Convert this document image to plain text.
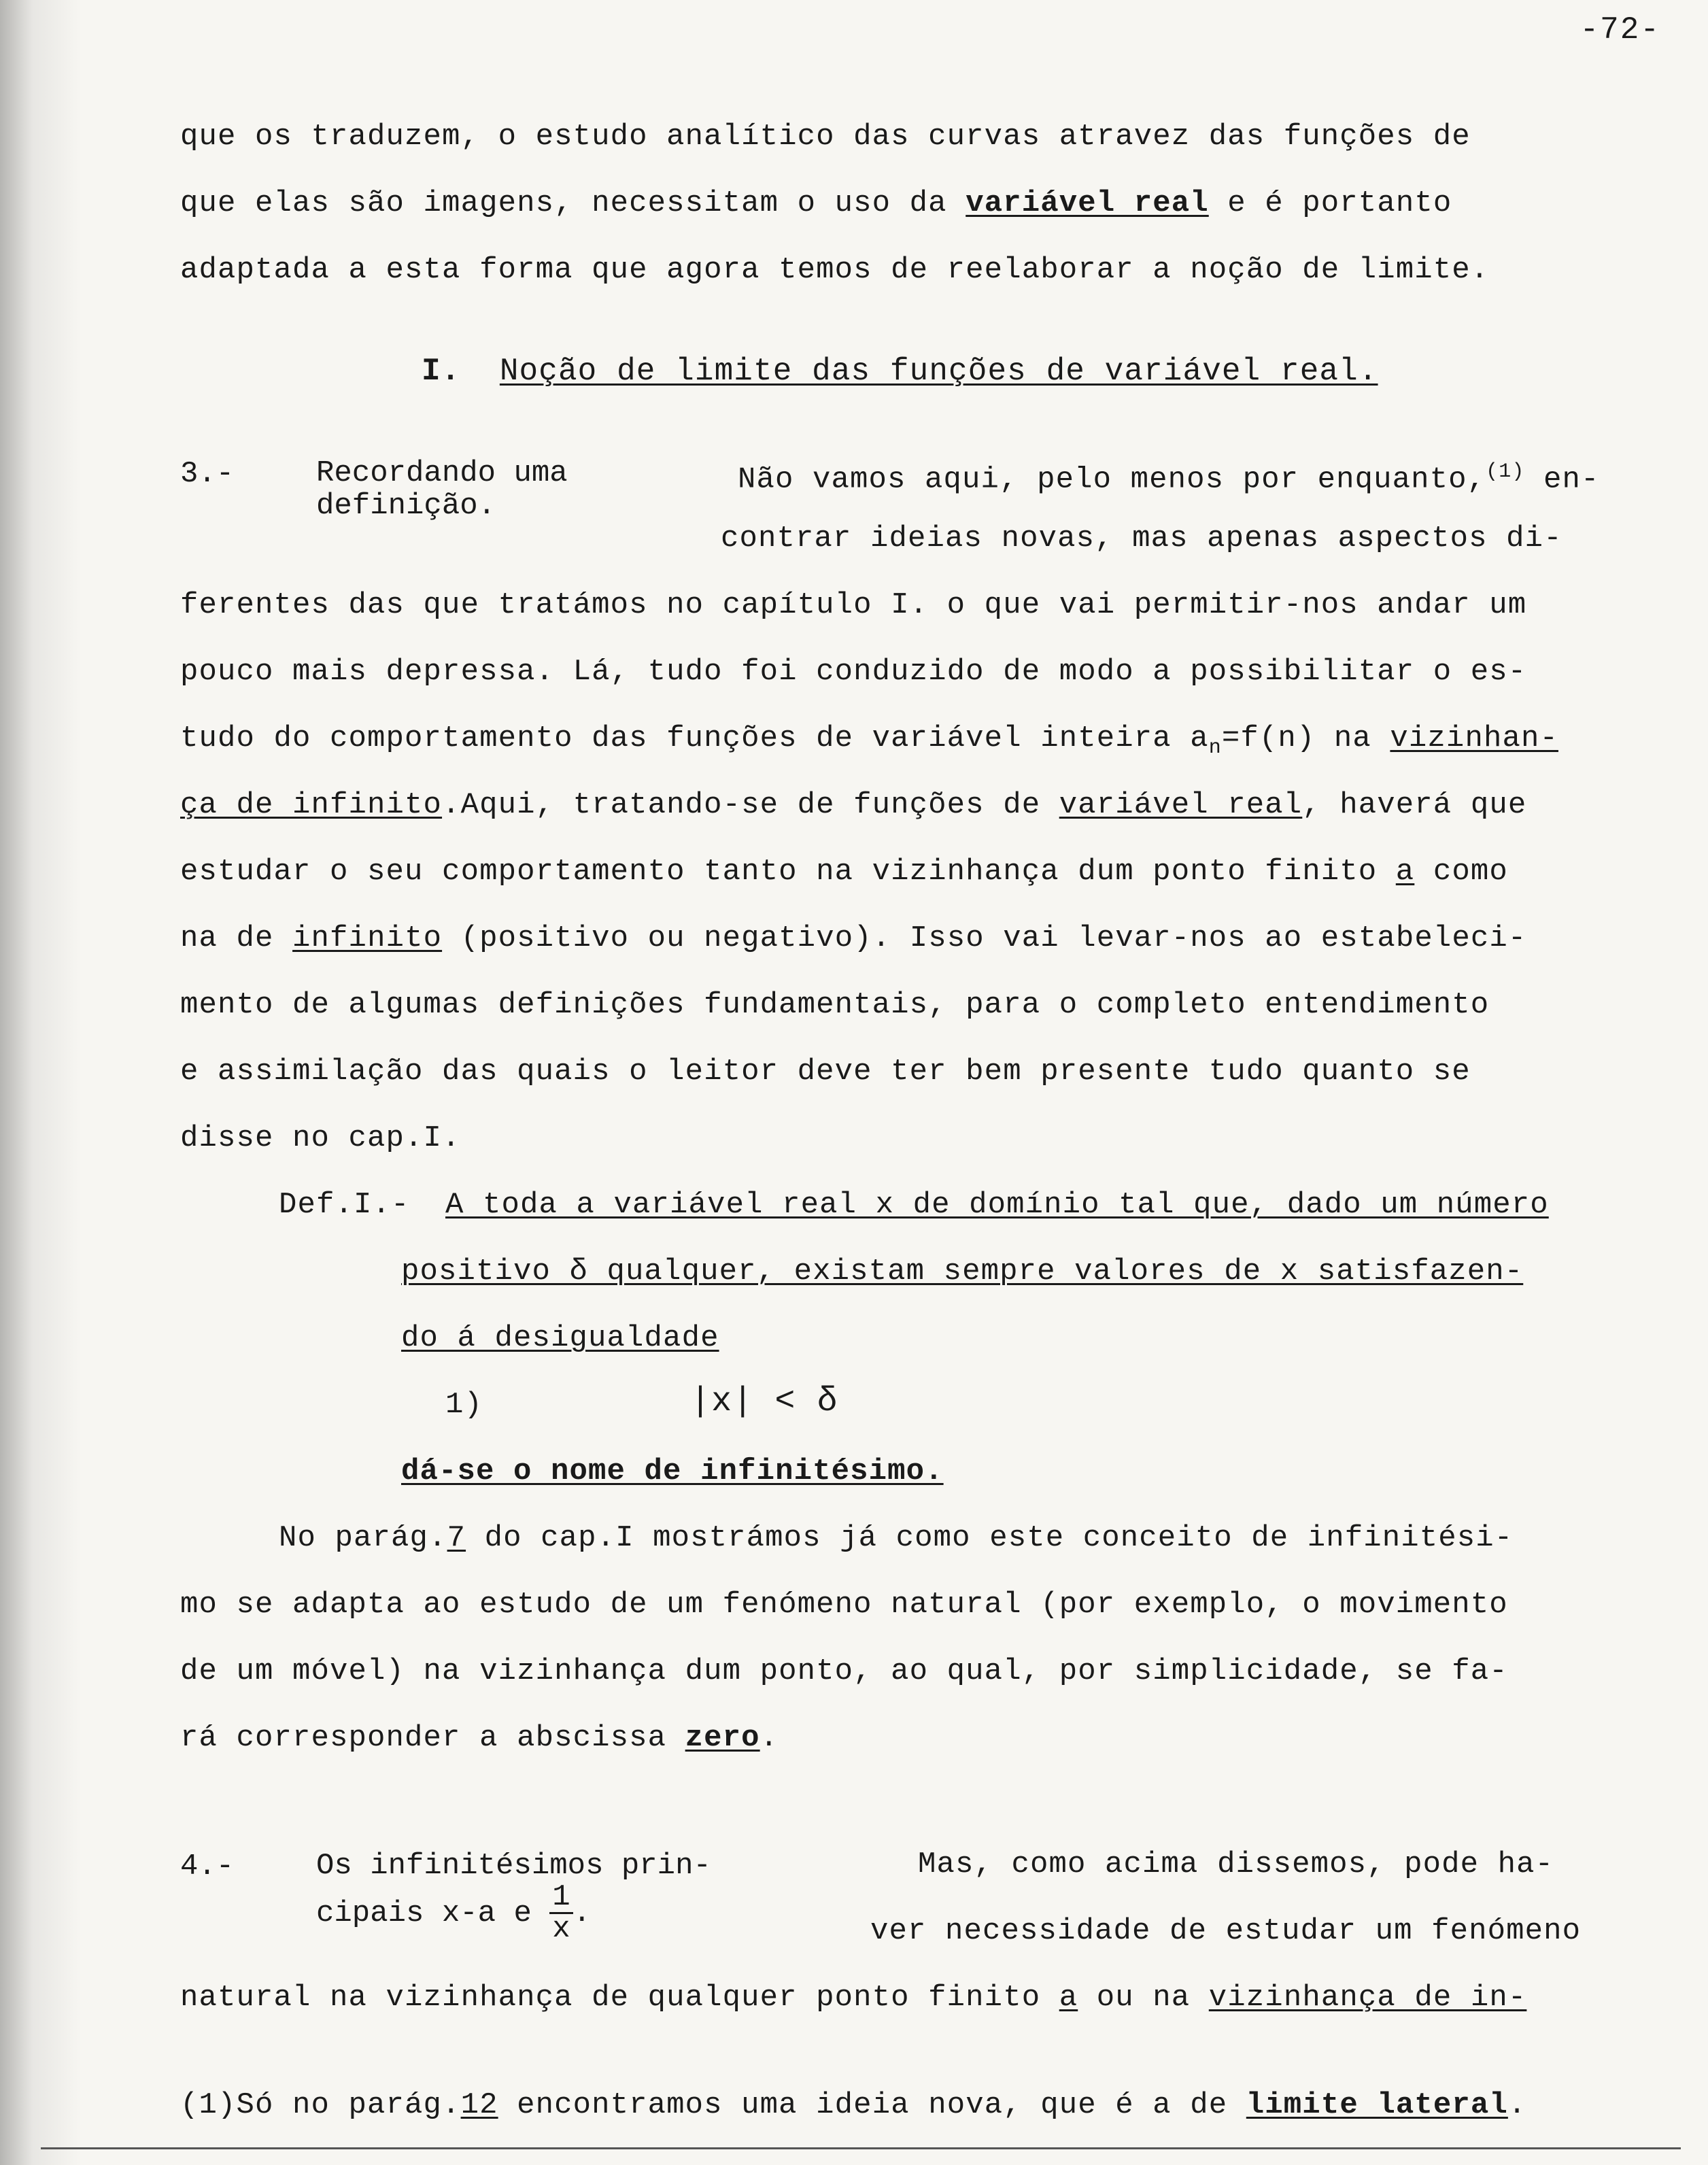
-72-
que os traduzem, o estudo analítico das curvas atravez das funções de
que elas são imagens, necessitam o uso da variável real e é portanto
adaptada a esta forma que agora temos de reelaborar a noção de limite.
I. Noção de limite das funções de variável real.
3.-	Recordando uma
definição.
Não vamos aqui, pelo menos por enquanto,$^{(1)}$ en-
contrar ideias novas, mas apenas aspectos di-
ferentes das que tratámos no capítulo I. o que vai permitir-nos andar um
pouco mais depressa. Lá, tudo foi conduzido de modo a possibilitar o es-
tudo do comportamento das funções de variável inteira $a_n=f(n)$ na vizinhan-
ça de infinito.Aqui, tratando-se de funções de variável real, haverá que
estudar o seu comportamento tanto na vizinhança dum ponto finito a como
na de infinito (positivo ou negativo). Isso vai levar-nos ao estabeleci-
mento de algumas definições fundamentais, para o completo entendimento
e assimilação das quais o leitor deve ter bem presente tudo quanto se
disse no cap.I.
Def.I.- A toda a variável real x de domínio tal que, dado um número
positivo δ qualquer, existam sempre valores de x satisfazen-
do á desigualdade
1)	|x| < δ
dá-se o nome de infinitésimo.
No parág.7 do cap.I mostrámos já como este conceito de infinitési-
mo se adapta ao estudo de um fenómeno natural (por exemplo, o movimento
de um móvel) na vizinhança dum ponto, ao qual, por simplicidade, se fa-
rá corresponder a abscissa zero.
4.-	Os infinitésimos prin-
cipais x-a e $\frac{1}{x}$ .
Mas, como acima dissemos, pode ha-
ver necessidade de estudar um fenómeno
natural na vizinhança de qualquer ponto finito a ou na vizinhança de in-
(1)Só no parág.12 encontramos uma ideia nova, que é a de limite lateral.
